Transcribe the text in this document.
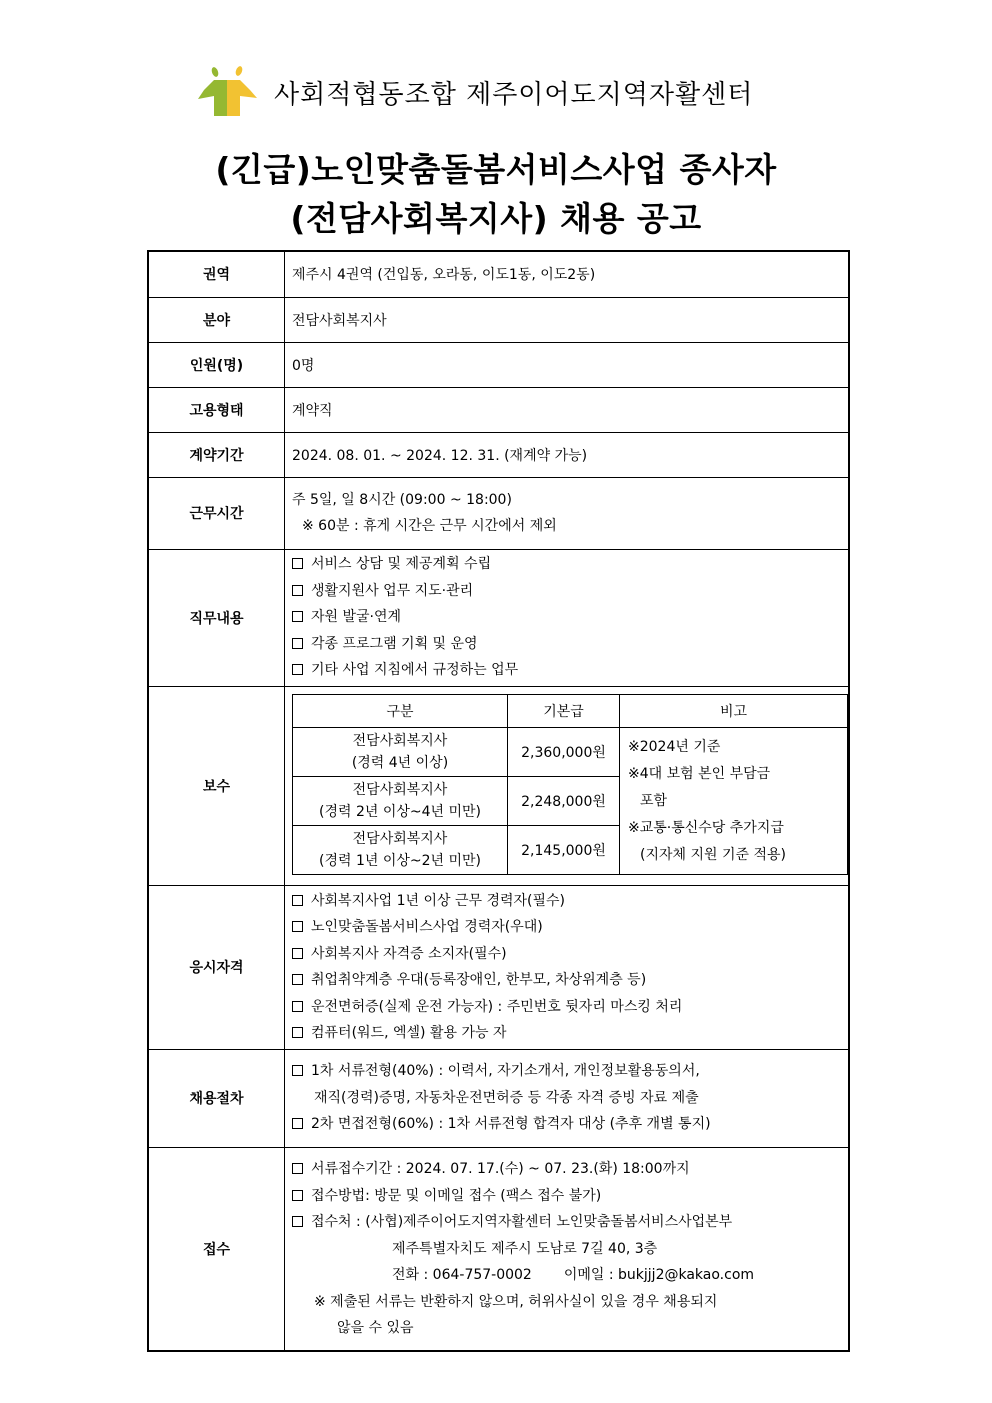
사회적협동조합 제주이어도지역자활센터
(긴급)노인맞춤돌봄서비스사업 종사자
(전담사회복지사) 채용 공고
권역	제주시 4권역 (건입동, 오라동, 이도1동, 이도2동)
분야	전담사회복지사
인원(명)	0명
고용형태	계약직
계약기간	2024. 08. 01. ~ 2024. 12. 31. (재계약 가능)
근무시간	
주 5일, 일 8시간 (09:00 ~ 18:00)
※ 60분 : 휴게 시간은 근무 시간에서 제외

직무내용	
서비스 상담 및 제공계획 수립
생활지원사 업무 지도·관리
자원 발굴·연계
각종 프로그램 기획 및 운영
기타 사업 지침에서 규정하는 업무

보수	
구분	기본급	비고

전담사회복지사
(경력 4년 이상)
	2,360,000원	※2024년 기준
※4대 보험 본인 부담금
포함
※교통·통신수당 추가지급
(지자체 지원 기준 적용)

전담사회복지사
(경력 2년 이상~4년 미만)
	2,248,000원

전담사회복지사
(경력 1년 이상~2년 미만)
	2,145,000원

응시자격	
사회복지사업 1년 이상 근무 경력자(필수)
노인맞춤돌봄서비스사업 경력자(우대)
사회복지사 자격증 소지자(필수)
취업취약계층 우대(등록장애인, 한부모, 차상위계층 등)
운전면허증(실제 운전 가능자) : 주민번호 뒷자리 마스킹 처리
컴퓨터(워드, 엑셀) 활용 가능 자

채용절차	
1차 서류전형(40%) : 이력서, 자기소개서, 개인정보활용동의서,
재직(경력)증명, 자동차운전면허증 등 각종 자격 증빙 자료 제출
2차 면접전형(60%) : 1차 서류전형 합격자 대상 (추후 개별 통지)

접수	
서류접수기간 : 2024. 07. 17.(수) ~ 07. 23.(화) 18:00까지
접수방법: 방문 및 이메일 접수 (팩스 접수 불가)
접수처 : (사협)제주이어도지역자활센터 노인맞춤돌봄서비스사업본부
제주특별자치도 제주시 도남로 7길 40, 3층
전화 : 064-757-0002 이메일 : bukjjj2@kakao.com
※ 제출된 서류는 반환하지 않으며, 허위사실이 있을 경우 채용되지
않을 수 있음
